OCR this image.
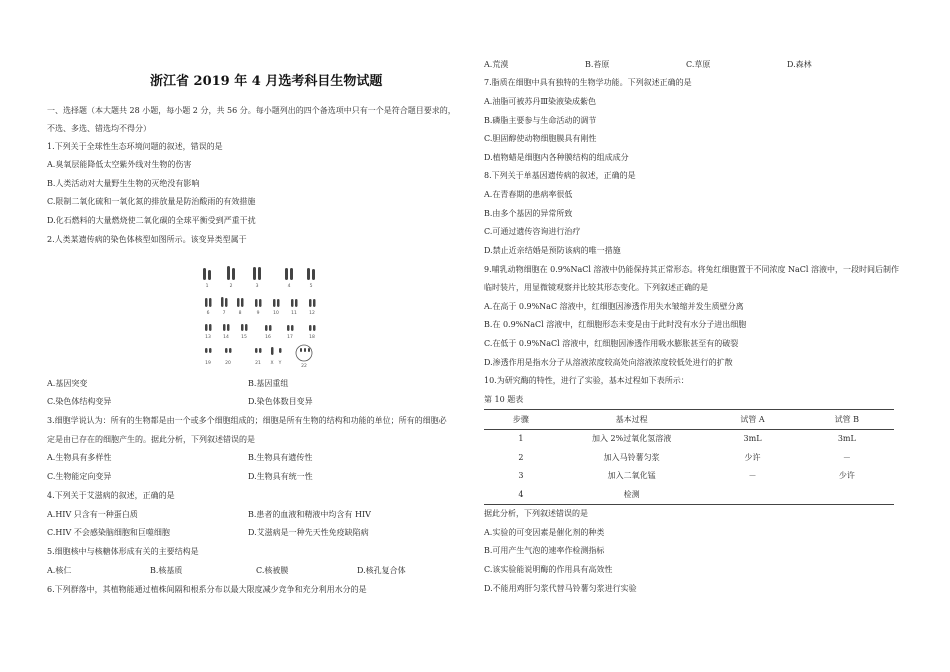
浙江省 2019 年 4 月选考科目生物试题
一、选择题（本大题共 28 小题，每小题 2 分，共 56 分。每小题列出的四个备选项中只有一个是符合题目要求的，
不选、多选、错选均不得分）
1.下列关于全球性生态环境问题的叙述，错误的是
A.臭氧层能降低太空紫外线对生物的伤害
B.人类活动对大量野生生物的灭绝没有影响
C.限制二氧化硫和一氧化氮的排放量是防治酸雨的有效措施
D.化石燃料的大量燃烧使二氧化碳的全球平衡受到严重干扰
2.人类某遗传病的染色体核型如图所示。该变异类型属于
1	2	3	4	5
6	7	8	9	10	11	12
13	14	15	16	17	18
19	20	21 X Y
22
A.基因突变	B.基因重组
C.染色体结构变异	D.染色体数目变异
3.细胞学说认为：所有的生物都是由一个或多个细胞组成的；细胞是所有生物的结构和功能的单位；所有的细胞必
定是由已存在的细胞产生的。据此分析，下列叙述错误的是
A.生物具有多样性	B.生物具有遗传性
C.生物能定向变异	D.生物具有统一性
4.下列关于艾滋病的叙述，正确的是
A.HIV 只含有一种蛋白质	B.患者的血液和精液中均含有 HIV
C.HIV 不会感染脑细胞和巨噬细胞	D.艾滋病是一种先天性免疫缺陷病
5.细胞核中与核糖体形成有关的主要结构是
A.核仁	B.核基质	C.核被膜	D.核孔复合体
6.下列群落中，其植物能通过植株间隔和根系分布以最大限度减少竞争和充分利用水分的是
A.荒漠	B.苔原	C.草原	D.森林
7.脂质在细胞中具有独特的生物学功能。下列叙述正确的是
A.油脂可被苏丹Ⅲ染液染成紫色
B.磷脂主要参与生命活动的调节
C.胆固醇使动物细胞膜具有刚性
D.植物蜡是细胞内各种膜结构的组成成分
8.下列关于单基因遗传病的叙述，正确的是
A.在青春期的患病率很低
B.由多个基因的异常所致
C.可通过遗传咨询进行治疗
D.禁止近亲结婚是预防该病的唯一措施
9.哺乳动物细胞在 0.9%NaCl 溶液中仍能保持其正常形态。将兔红细胞置于不同浓度 NaCl 溶液中，一段时间后制作
临时装片，用显微镜观察并比较其形态变化。下列叙述正确的是
A.在高于 0.9%NaC 溶液中，红细胞因渗透作用失水皱缩并发生质壁分离
B.在 0.9%NaCl 溶液中，红细胞形态未变是由于此时没有水分子进出细胞
C.在低于 0.9%NaCl 溶液中，红细胞因渗透作用吸水膨胀甚至有的破裂
D.渗透作用是指水分子从溶液浓度较高处向溶液浓度较低处进行的扩散
10.为研究酶的特性，进行了实验，基本过程如下表所示：
第 10 题表
步骤	基本过程	试管 A	试管 B
1	加入 2%过氧化氢溶液	3mL	3mL
2	加入马铃薯匀浆	少许	－
3	加入二氧化锰	－	少许
4	检测		
据此分析，下列叙述错误的是
A.实验的可变因素是催化剂的种类
B.可用产生气泡的速率作检测指标
C.该实验能说明酶的作用具有高效性
D.不能用鸡肝匀浆代替马铃薯匀浆进行实验
